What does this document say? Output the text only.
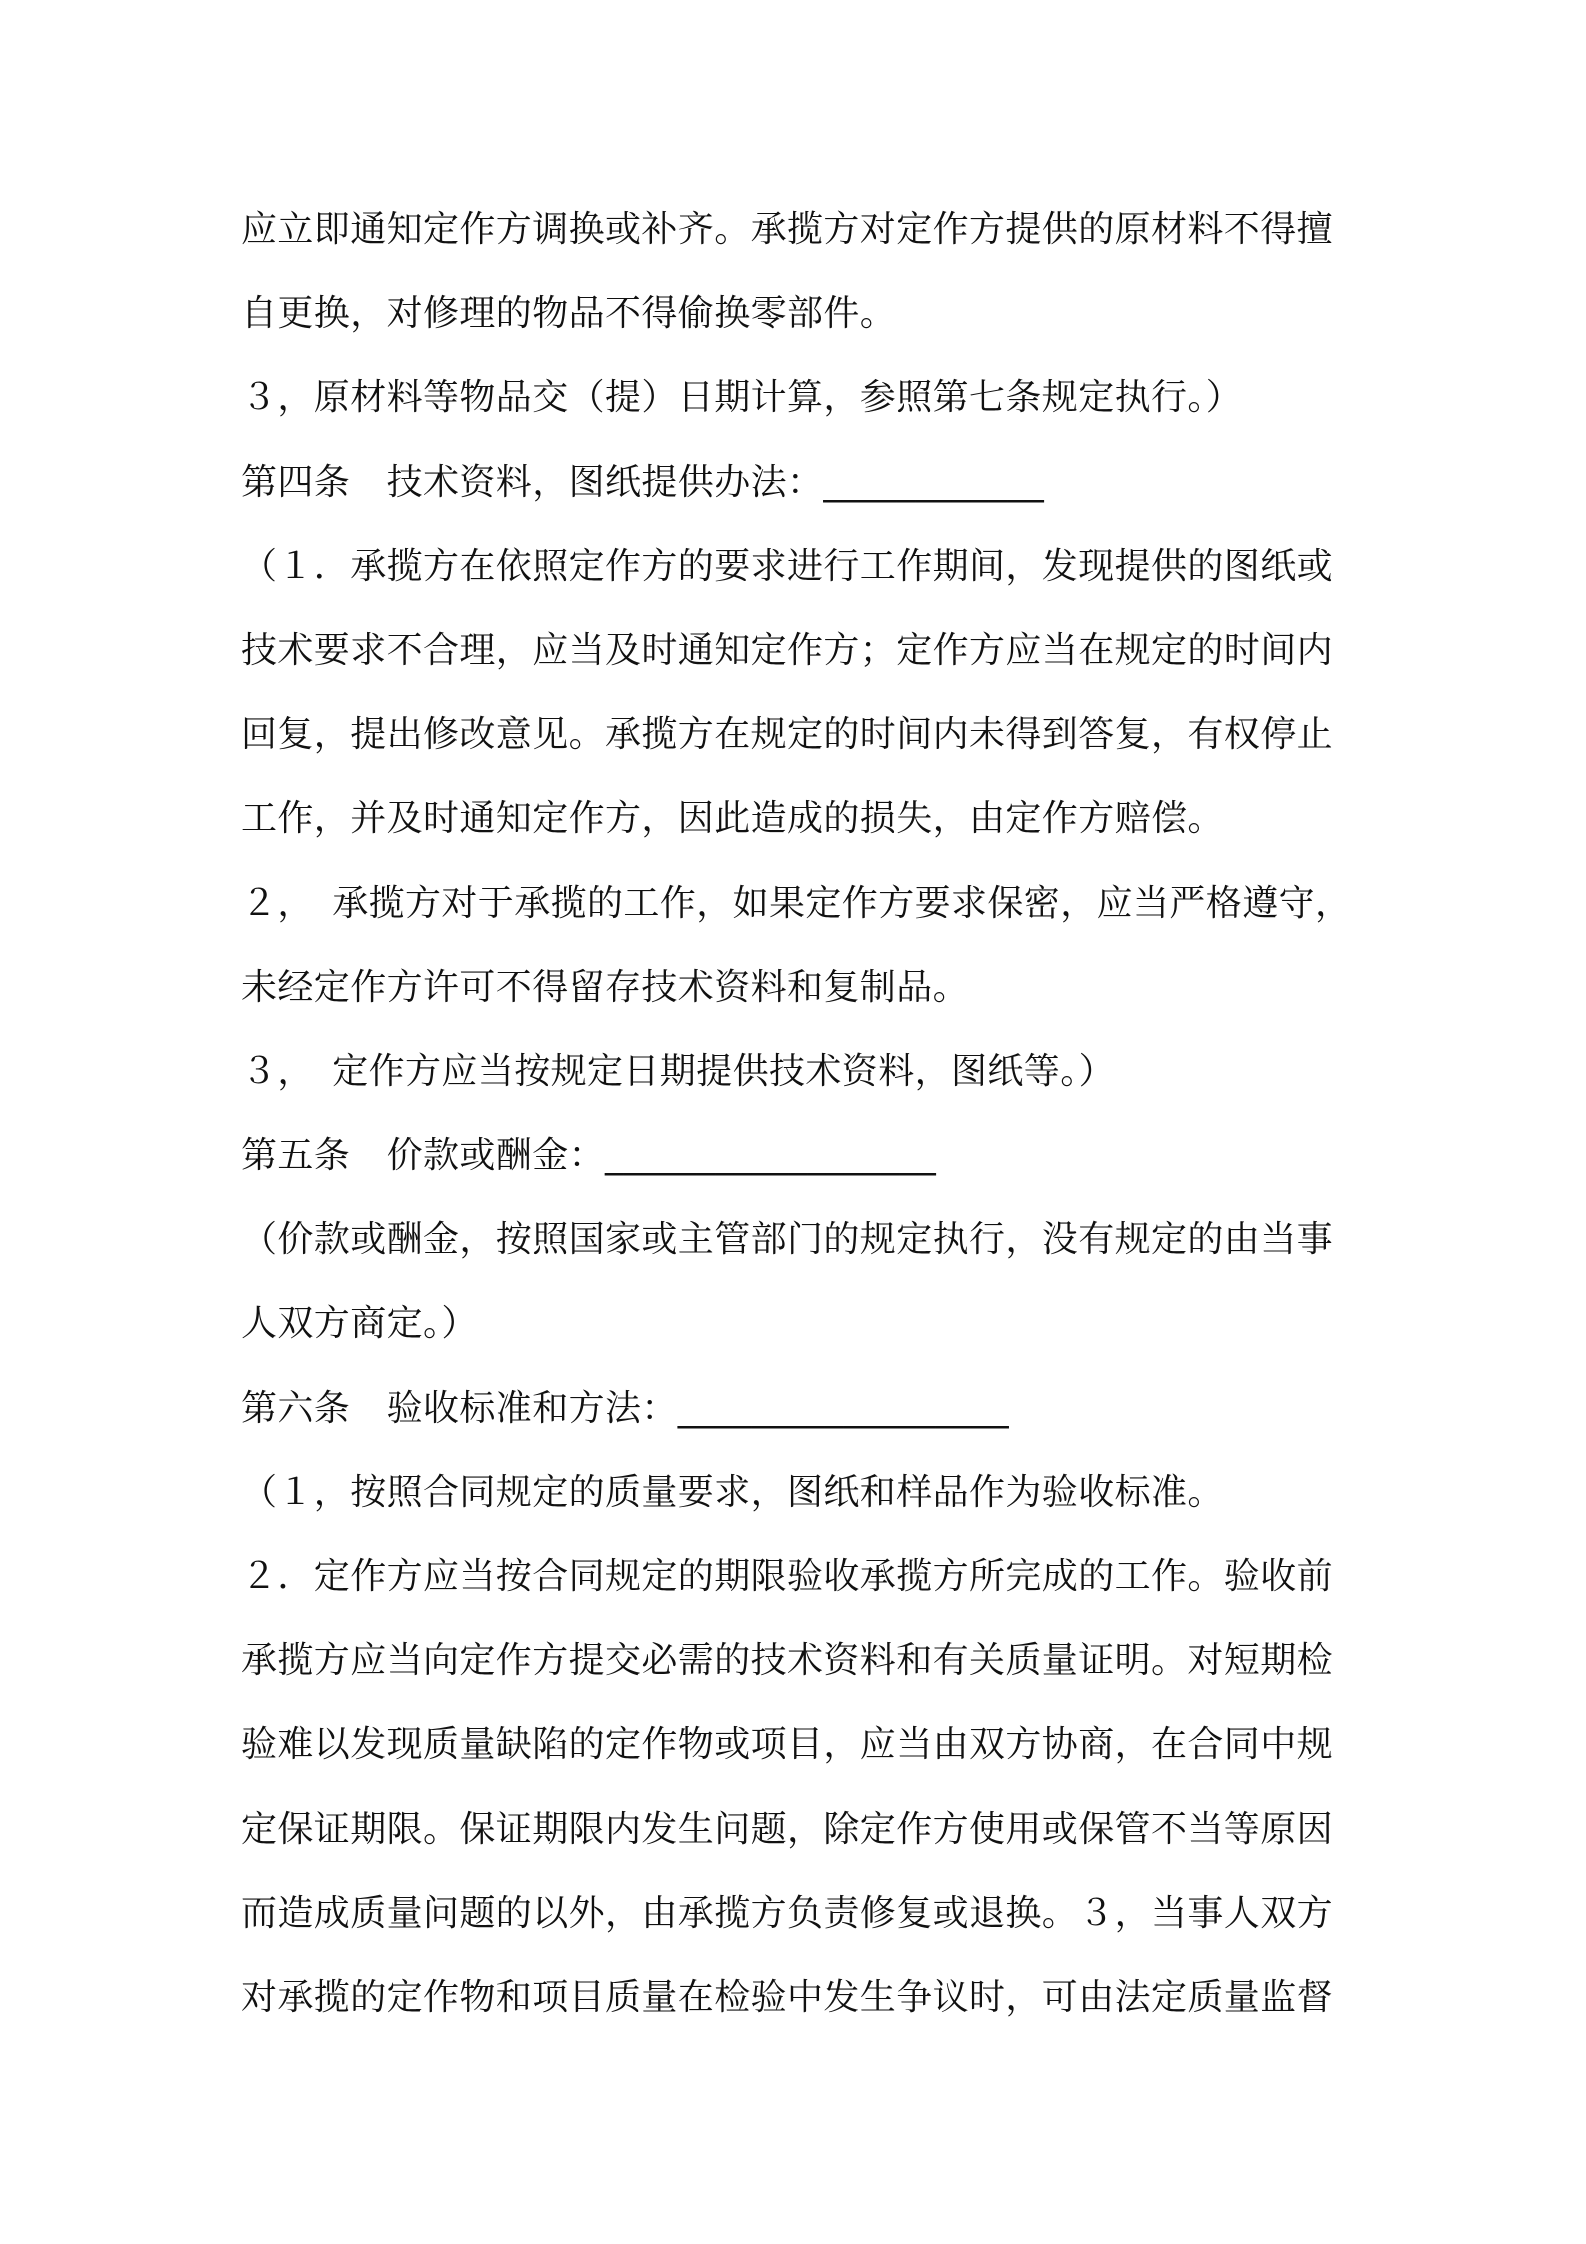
应立即通知定作方调换或补齐。承揽方对定作方提供的原材料不得擅
自更换，对修理的物品不得偷换零部件。
３，原材料等物品交（提）日期计算，参照第七条规定执行。）
第四条　技术资料，图纸提供办法：____________
（１．承揽方在依照定作方的要求进行工作期间，发现提供的图纸或
技术要求不合理，应当及时通知定作方；定作方应当在规定的时间内
回复，提出修改意见。承揽方在规定的时间内未得到答复，有权停止
工作，并及时通知定作方，因此造成的损失，由定作方赔偿。
２，　承揽方对于承揽的工作，如果定作方要求保密，应当严格遵守，
未经定作方许可不得留存技术资料和复制品。
３，　定作方应当按规定日期提供技术资料，图纸等。）
第五条　价款或酬金：__________________
（价款或酬金，按照国家或主管部门的规定执行，没有规定的由当事
人双方商定。）
第六条　验收标准和方法：__________________
（１，按照合同规定的质量要求，图纸和样品作为验收标准。
２．定作方应当按合同规定的期限验收承揽方所完成的工作。验收前
承揽方应当向定作方提交必需的技术资料和有关质量证明。对短期检
验难以发现质量缺陷的定作物或项目，应当由双方协商，在合同中规
定保证期限。保证期限内发生问题，除定作方使用或保管不当等原因
而造成质量问题的以外，由承揽方负责修复或退换。３，当事人双方
对承揽的定作物和项目质量在检验中发生争议时，可由法定质量监督
